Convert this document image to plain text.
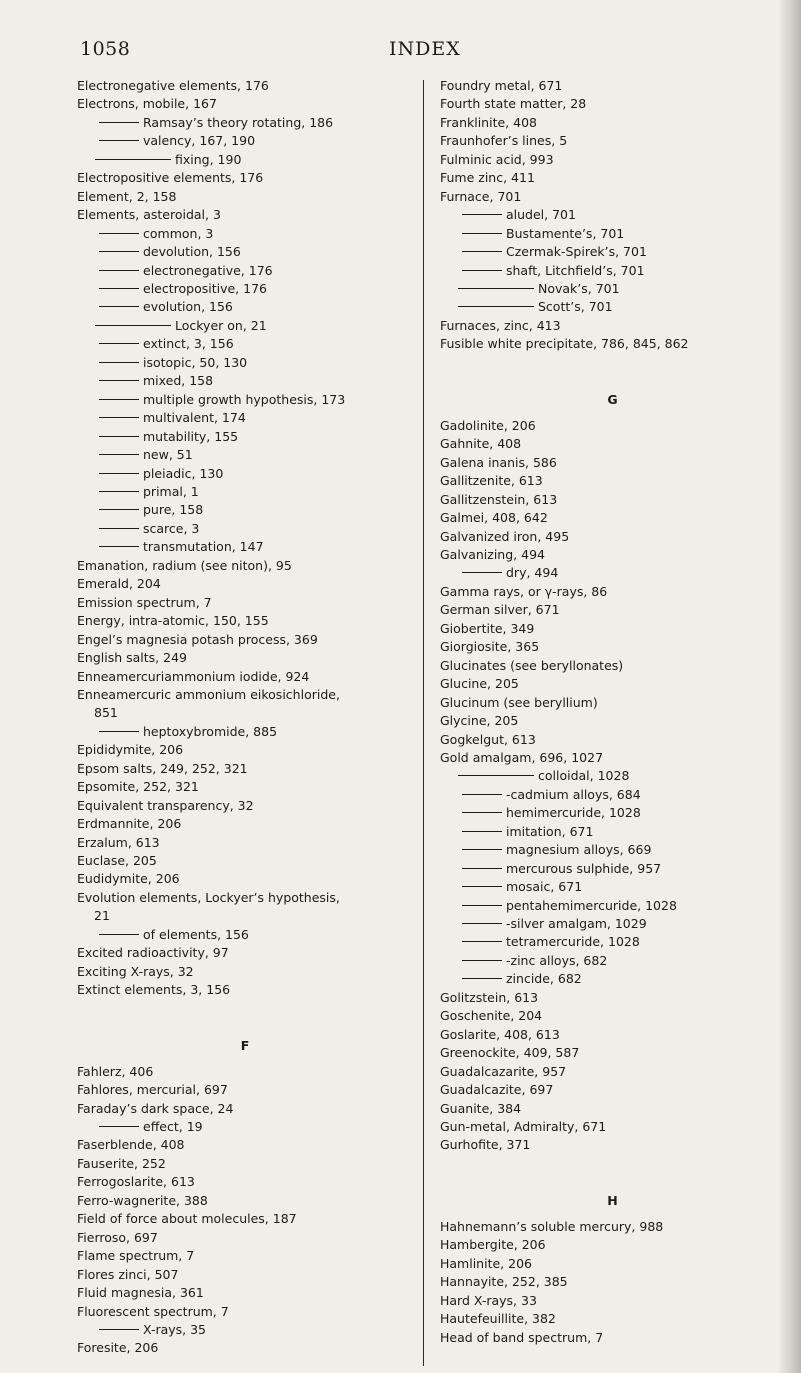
1058	INDEX
Electronegative elements, 176
Electrons, mobile, 167
Ramsay’s theory rotating, 186
valency, 167, 190
fixing, 190
Electropositive elements, 176
Element, 2, 158
Elements, asteroidal, 3
common, 3
devolution, 156
electronegative, 176
electropositive, 176
evolution, 156
Lockyer on, 21
extinct, 3, 156
isotopic, 50, 130
mixed, 158
multiple growth hypothesis, 173
multivalent, 174
mutability, 155
new, 51
pleiadic, 130
primal, 1
pure, 158
scarce, 3
transmutation, 147
Emanation, radium (see niton), 95
Emerald, 204
Emission spectrum, 7
Energy, intra-atomic, 150, 155
Engel’s magnesia potash process, 369
English salts, 249
Enneamercuriammonium iodide, 924
Enneamercuric ammonium eikosichloride,
851
heptoxybromide, 885
Epididymite, 206
Epsom salts, 249, 252, 321
Epsomite, 252, 321
Equivalent transparency, 32
Erdmannite, 206
Erzalum, 613
Euclase, 205
Eudidymite, 206
Evolution elements, Lockyer’s hypothesis,
21
of elements, 156
Excited radioactivity, 97
Exciting X-rays, 32
Extinct elements, 3, 156
F
Fahlerz, 406
Fahlores, mercurial, 697
Faraday’s dark space, 24
effect, 19
Faserblende, 408
Fauserite, 252
Ferrogoslarite, 613
Ferro-wagnerite, 388
Field of force about molecules, 187
Fierroso, 697
Flame spectrum, 7
Flores zinci, 507
Fluid magnesia, 361
Fluorescent spectrum, 7
X-rays, 35
Foresite, 206
Foundry metal, 671
Fourth state matter, 28
Franklinite, 408
Fraunhofer’s lines, 5
Fulminic acid, 993
Fume zinc, 411
Furnace, 701
aludel, 701
Bustamente’s, 701
Czermak-Spirek’s, 701
shaft, Litchfield’s, 701
Novak’s, 701
Scott’s, 701
Furnaces, zinc, 413
Fusible white precipitate, 786, 845, 862
G
Gadolinite, 206
Gahnite, 408
Galena inanis, 586
Gallitzenite, 613
Gallitzenstein, 613
Galmei, 408, 642
Galvanized iron, 495
Galvanizing, 494
dry, 494
Gamma rays, or γ-rays, 86
German silver, 671
Giobertite, 349
Giorgiosite, 365
Glucinates (see beryllonates)
Glucine, 205
Glucinum (see beryllium)
Glycine, 205
Gogkelgut, 613
Gold amalgam, 696, 1027
colloidal, 1028
-cadmium alloys, 684
hemimercuride, 1028
imitation, 671
magnesium alloys, 669
mercurous sulphide, 957
mosaic, 671
pentahemimercuride, 1028
-silver amalgam, 1029
tetramercuride, 1028
-zinc alloys, 682
zincide, 682
Golitzstein, 613
Goschenite, 204
Goslarite, 408, 613
Greenockite, 409, 587
Guadalcazarite, 957
Guadalcazite, 697
Guanite, 384
Gun-metal, Admiralty, 671
Gurhofite, 371
H
Hahnemann’s soluble mercury, 988
Hambergite, 206
Hamlinite, 206
Hannayite, 252, 385
Hard X-rays, 33
Hautefeuillite, 382
Head of band spectrum, 7
